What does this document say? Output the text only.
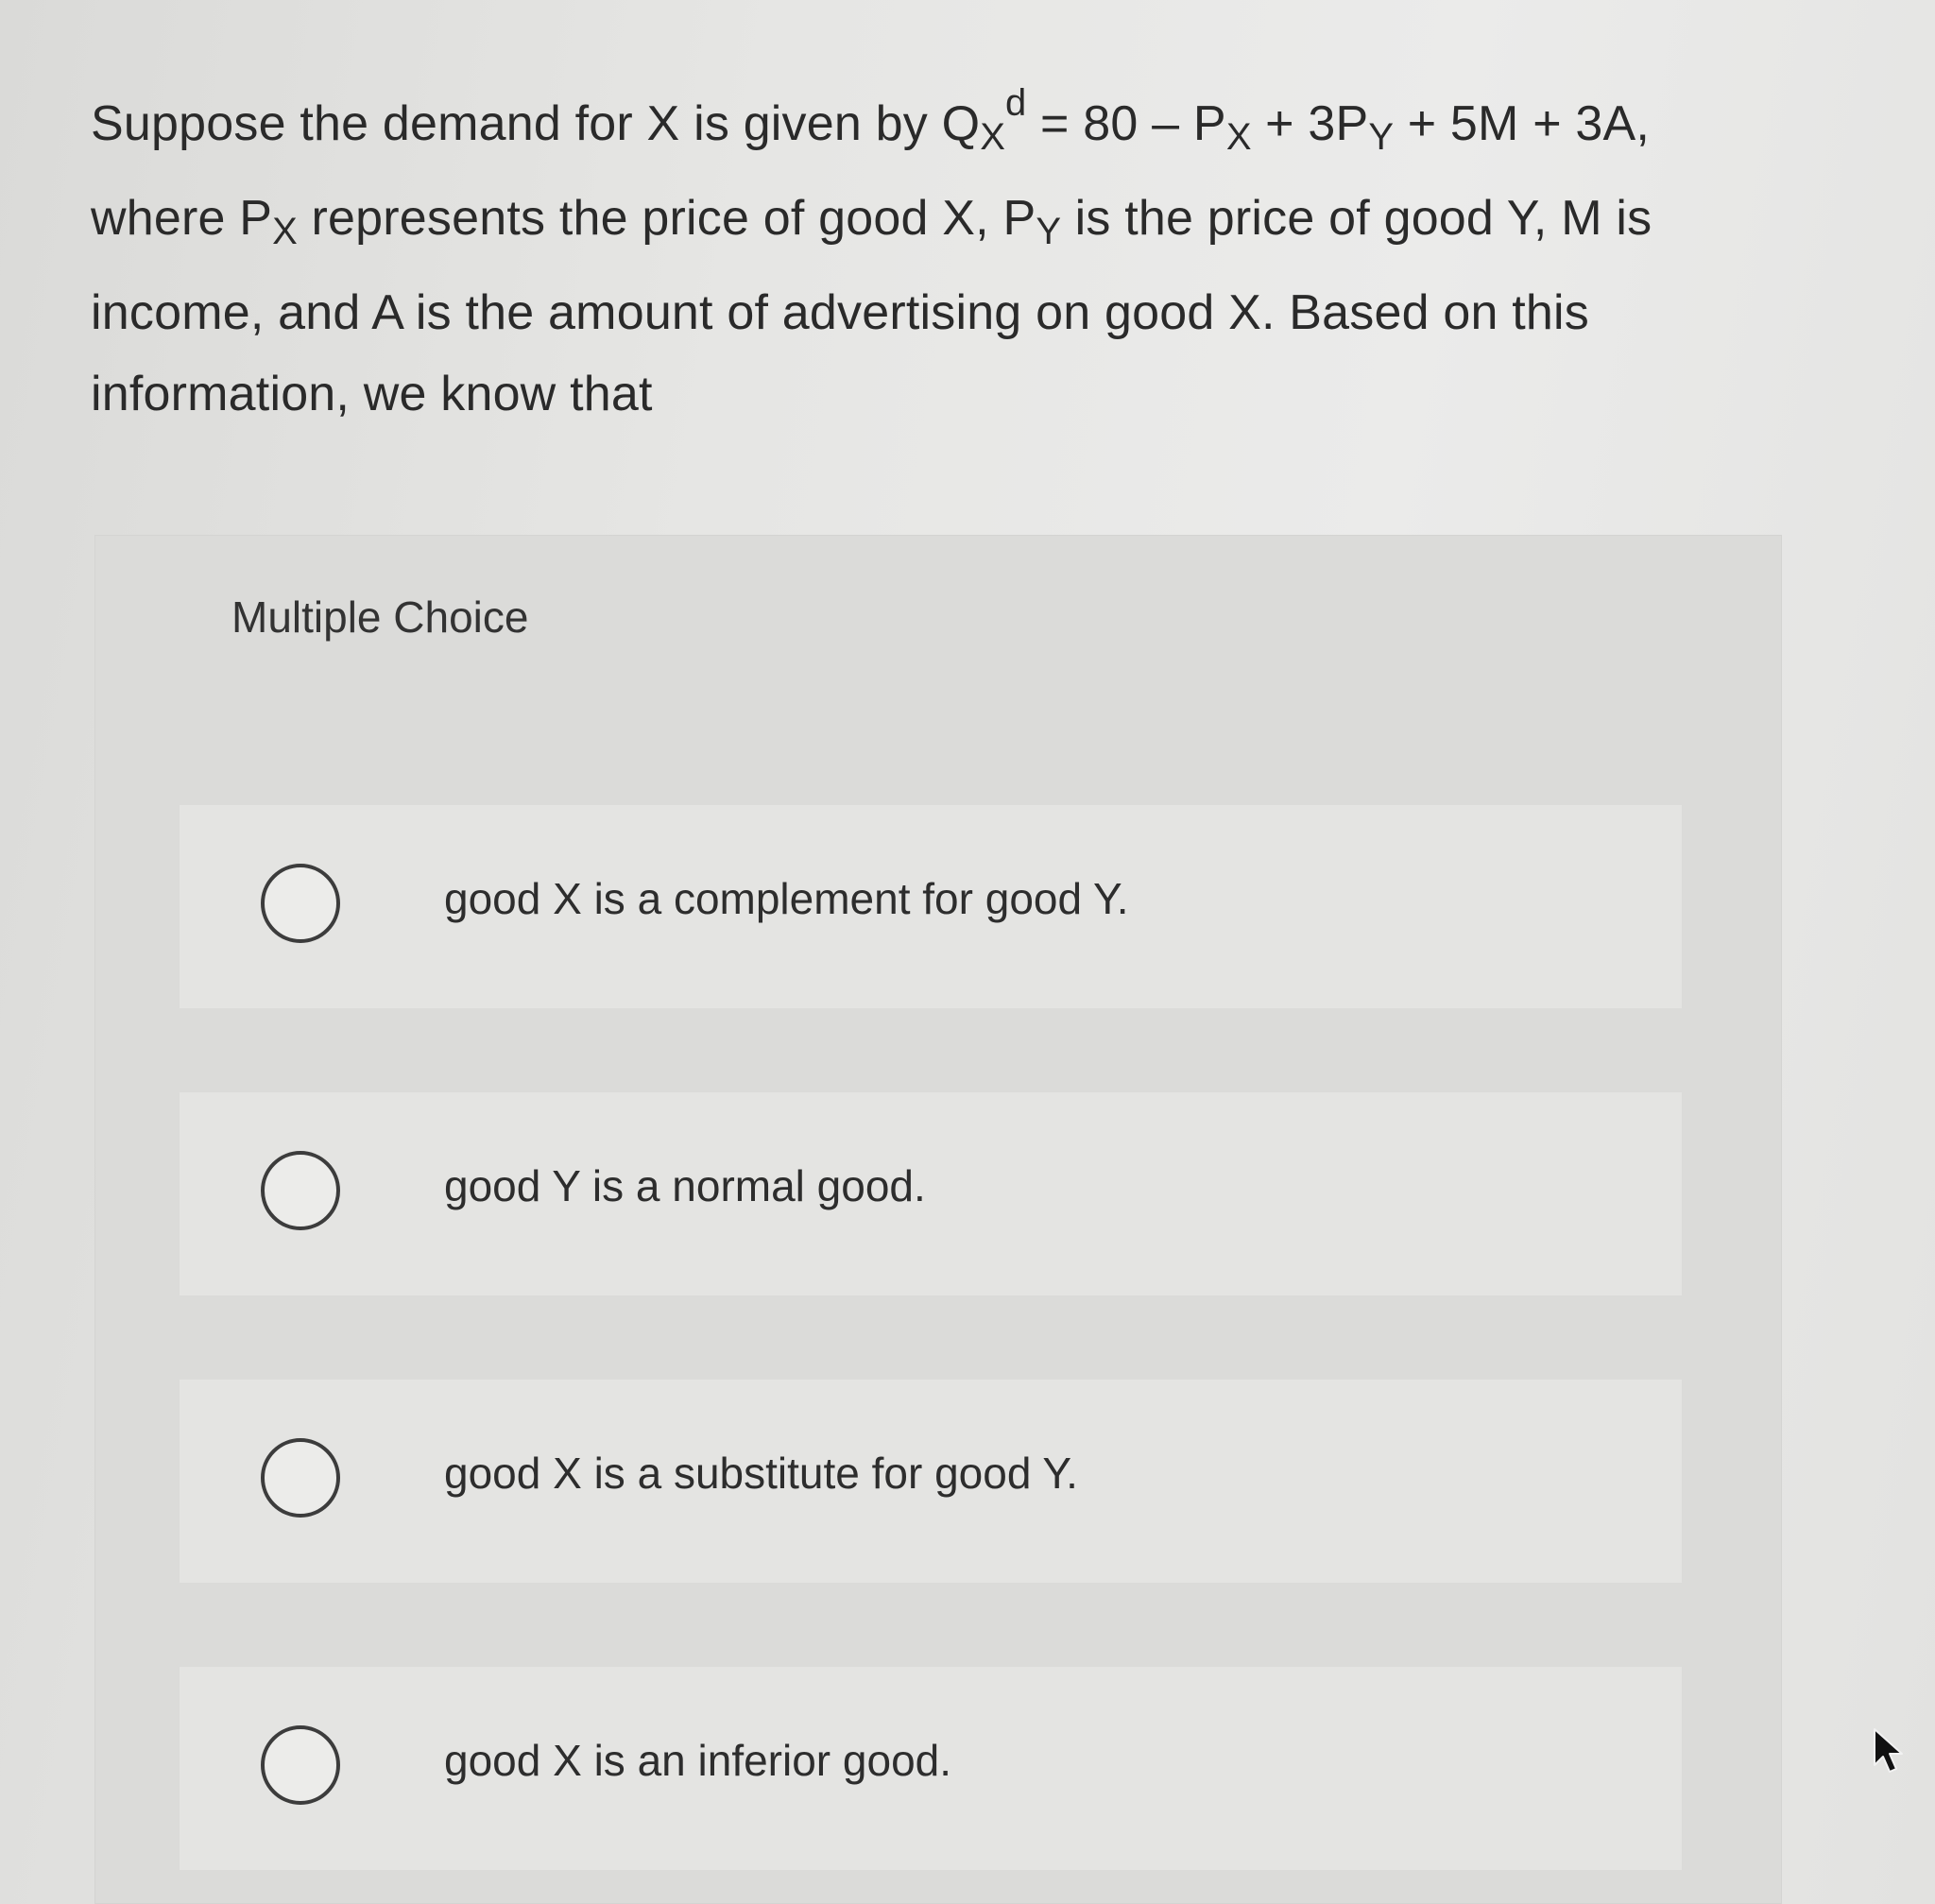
Suppose the demand for X is given by $Q_X^d = 80 - P_X + 3P_Y + 5M + 3A$,
where $P_X$ represents the price of good X, $P_Y$ is the price of good Y, M is income, and A is the amount of advertising on good X. Based on this information, we know that

Multiple Choice
good X is a complement for good Y.
good Y is a normal good.
good X is a substitute for good Y.
good X is an inferior good.
